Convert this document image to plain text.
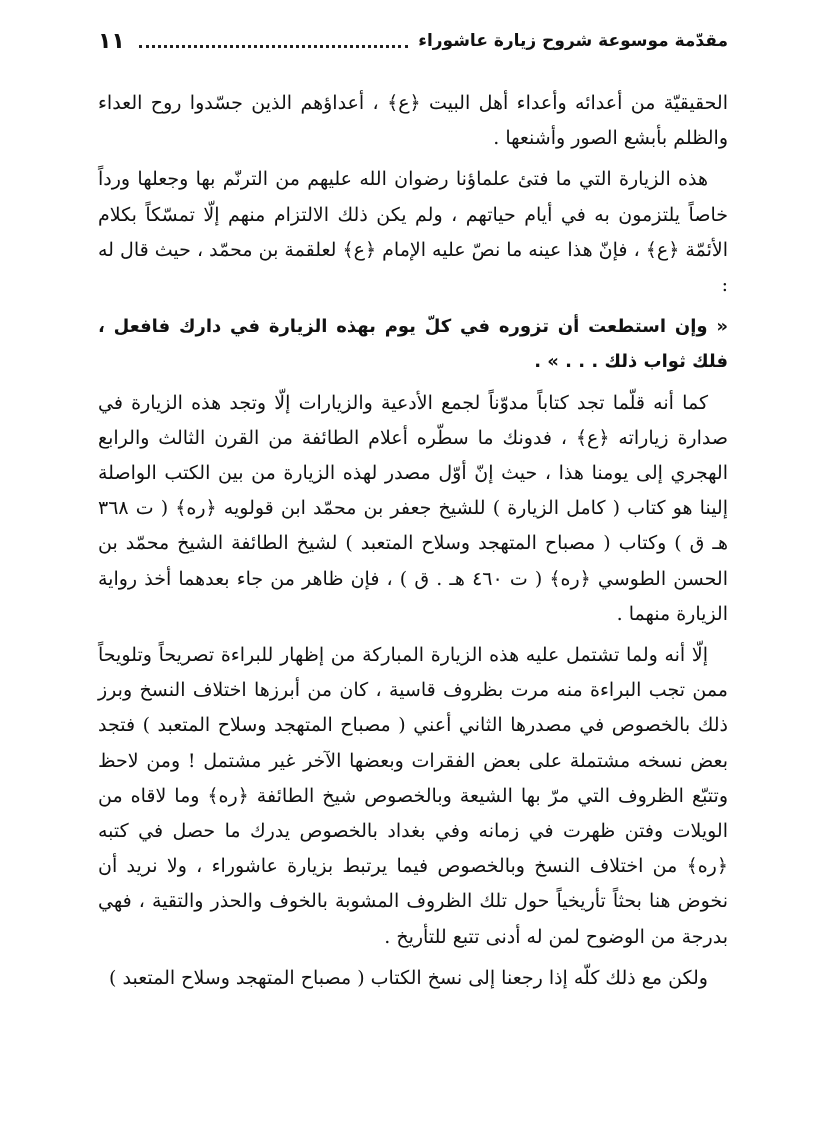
مقدّمة موسوعة شروح زيارة عاشوراء
١١

الحقيقيّة من أعدائه وأعداء أهل البيت ﴿ع﴾ ، أعداؤهم الذين جسّدوا روح العداء والظلم بأبشع الصور وأشنعها .

هذه الزيارة التي ما فتئ علماؤنا رضوان الله عليهم من الترنّم بها وجعلها ورداً خاصاً يلتزمون به في أيام حياتهم ، ولم يكن ذلك الالتزام منهم إلّا تمسّكاً بكلام الأئمّة ﴿ع﴾ ، فإنّ هذا عينه ما نصّ عليه الإمام ﴿ع﴾ لعلقمة بن محمّد ، حيث قال له :

« وإن استطعت أن تزوره في كلّ يوم بهذه الزيارة في دارك فافعل ، فلك ثواب ذلك . . . » .

كما أنه قلّما تجد كتاباً مدوّناً لجمع الأدعية والزيارات إلّا وتجد هذه الزيارة في صدارة زياراته ﴿ع﴾ ، فدونك ما سطّره أعلام الطائفة من القرن الثالث والرابع الهجري إلى يومنا هذا ، حيث إنّ أوّل مصدر لهذه الزيارة من بين الكتب الواصلة إلينا هو كتاب ( كامل الزيارة ) للشيخ جعفر بن محمّد ابن قولويه ﴿ره﴾ ( ت ٣٦٨ هـ ق ) وكتاب ( مصباح المتهجد وسلاح المتعبد ) لشيخ الطائفة الشيخ محمّد بن الحسن الطوسي ﴿ره﴾ ( ت ٤٦٠ هـ . ق ) ، فإن ظاهر من جاء بعدهما أخذ رواية الزيارة منهما .

إلّا أنه ولما تشتمل عليه هذه الزيارة المباركة من إظهار للبراءة تصريحاً وتلويحاً ممن تجب البراءة منه مرت بظروف قاسية ، كان من أبرزها اختلاف النسخ وبرز ذلك بالخصوص في مصدرها الثاني أعني ( مصباح المتهجد وسلاح المتعبد ) فتجد بعض نسخه مشتملة على بعض الفقرات وبعضها الآخر غير مشتمل ! ومن لاحظ وتتبّع الظروف التي مرّ بها الشيعة وبالخصوص شيخ الطائفة ﴿ره﴾ وما لاقاه من الويلات وفتن ظهرت في زمانه وفي بغداد بالخصوص يدرك ما حصل في كتبه ﴿ره﴾ من اختلاف النسخ وبالخصوص فيما يرتبط بزيارة عاشوراء ، ولا نريد أن نخوض هنا بحثاً تأريخياً حول تلك الظروف المشوبة بالخوف والحذر والتقية ، فهي بدرجة من الوضوح لمن له أدنى تتبع للتأريخ .

ولكن مع ذلك كلّه إذا رجعنا إلى نسخ الكتاب ( مصباح المتهجد وسلاح المتعبد )
